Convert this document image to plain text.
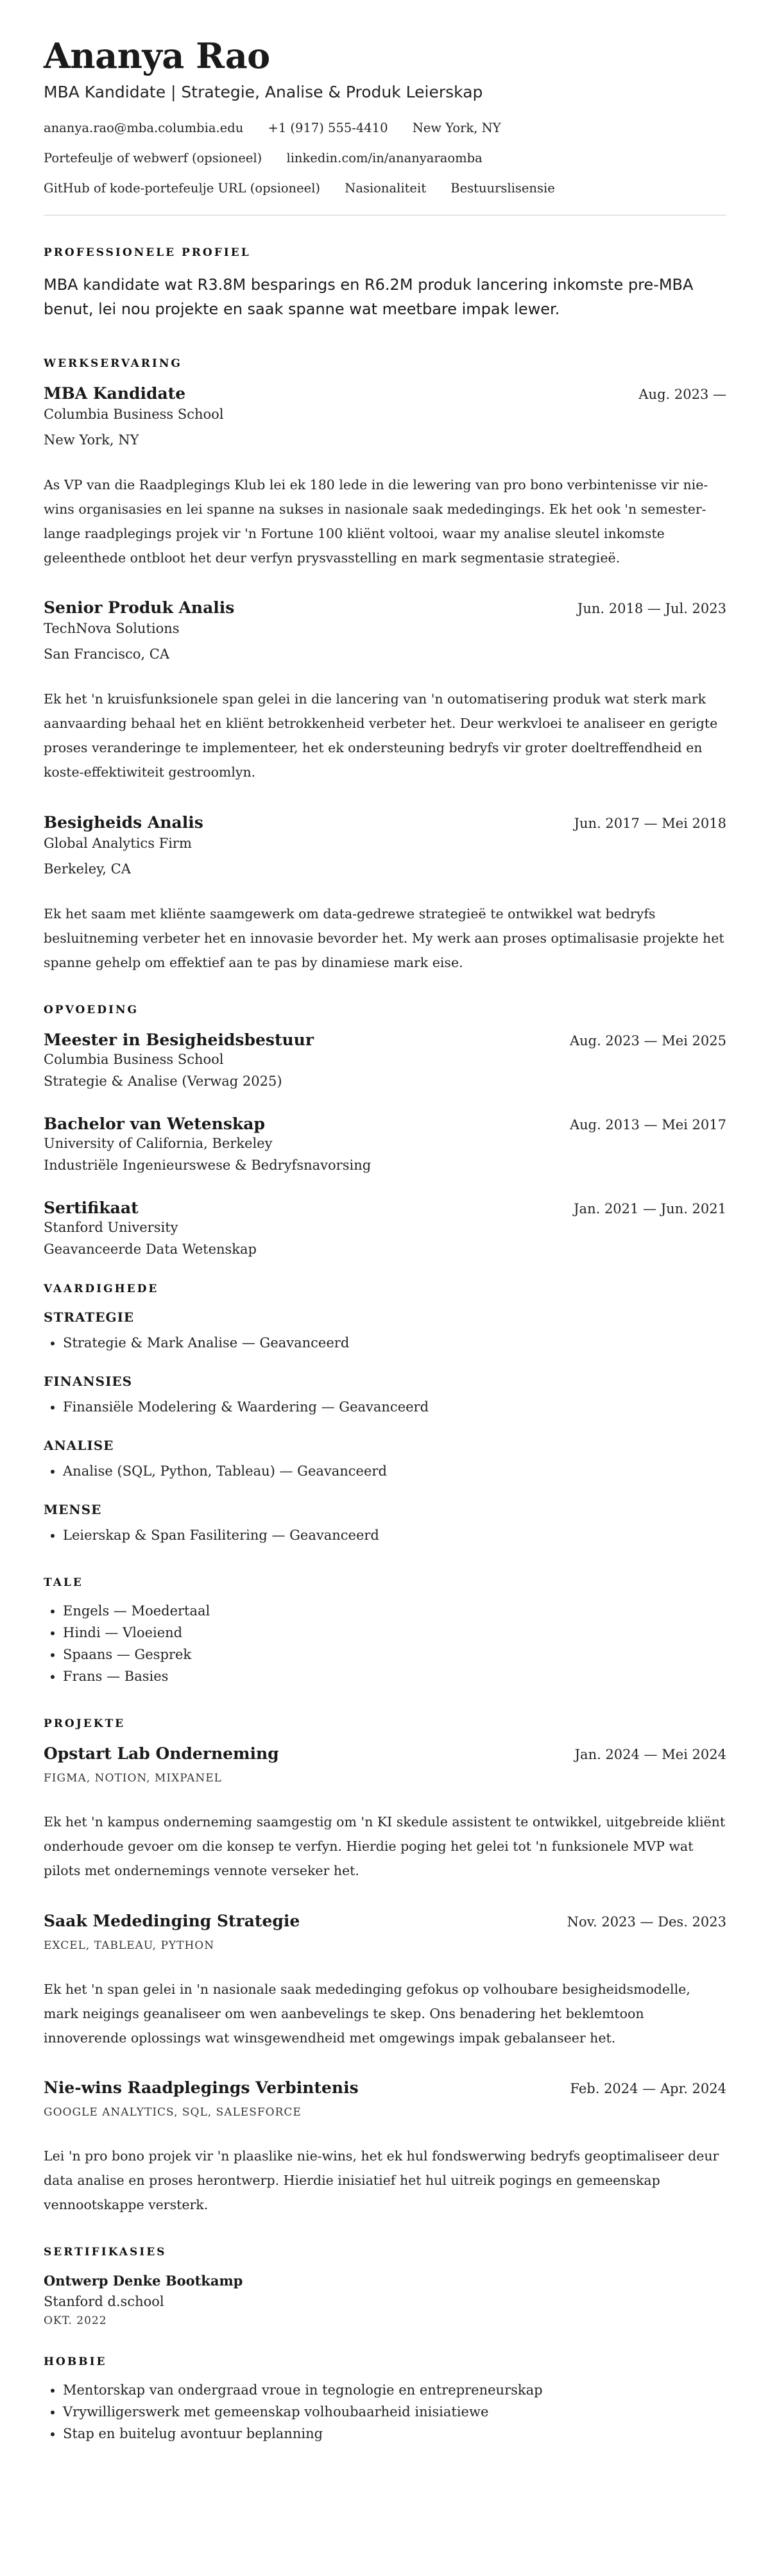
Ananya Rao
MBA Kandidate | Strategie, Analise & Produk Leierskap
ananya.rao@mba.columbia.edu +1 (917) 555-4410 New York, NY
Portefeulje of webwerf (opsioneel) linkedin.com/in/ananyaraomba
GitHub of kode-portefeulje URL (opsioneel) Nasionaliteit Bestuurslisensie
PROFESSIONELE PROFIEL
MBA kandidate wat R3.8M besparings en R6.2M produk lancering inkomste pre-MBA benut, lei nou projekte en saak spanne wat meetbare impak lewer.
WERKSERVARING
MBA Kandidate	Aug. 2023 —
Columbia Business School
New York, NY
As VP van die Raadplegings Klub lei ek 180 lede in die lewering van pro bono verbintenisse vir nie-wins organisasies en lei spanne na sukses in nasionale saak mededingings. Ek het ook 'n semester-lange raadplegings projek vir 'n Fortune 100 kliënt voltooi, waar my analise sleutel inkomste geleenthede ontbloot het deur verfyn prysvasstelling en mark segmentasie strategieë.
Senior Produk Analis	Jun. 2018 — Jul. 2023
TechNova Solutions
San Francisco, CA
Ek het 'n kruisfunksionele span gelei in die lancering van 'n outomatisering produk wat sterk mark aanvaarding behaal het en kliënt betrokkenheid verbeter het. Deur werkvloei te analiseer en gerigte proses veranderinge te implementeer, het ek ondersteuning bedryfs vir groter doeltreffendheid en koste-effektiwiteit gestroomlyn.
Besigheids Analis	Jun. 2017 — Mei 2018
Global Analytics Firm
Berkeley, CA
Ek het saam met kliënte saamgewerk om data-gedrewe strategieë te ontwikkel wat bedryfs besluitneming verbeter het en innovasie bevorder het. My werk aan proses optimalisasie projekte het spanne gehelp om effektief aan te pas by dinamiese mark eise.
OPVOEDING
Meester in Besigheidsbestuur	Aug. 2023 — Mei 2025
Columbia Business School
Strategie & Analise (Verwag 2025)
Bachelor van Wetenskap	Aug. 2013 — Mei 2017
University of California, Berkeley
Industriële Ingenieurswese & Bedryfsnavorsing
Sertifikaat	Jan. 2021 — Jun. 2021
Stanford University
Geavanceerde Data Wetenskap
VAARDIGHEDE
STRATEGIE
• Strategie & Mark Analise — Geavanceerd
FINANSIES
• Finansiële Modelering & Waardering — Geavanceerd
ANALISE
• Analise (SQL, Python, Tableau) — Geavanceerd
MENSE
• Leierskap & Span Fasilitering — Geavanceerd
TALE
• Engels — Moedertaal
• Hindi — Vloeiend
• Spaans — Gesprek
• Frans — Basies
PROJEKTE
Opstart Lab Onderneming	Jan. 2024 — Mei 2024
FIGMA, NOTION, MIXPANEL
Ek het 'n kampus onderneming saamgestig om 'n KI skedule assistent te ontwikkel, uitgebreide kliënt onderhoude gevoer om die konsep te verfyn. Hierdie poging het gelei tot 'n funksionele MVP wat pilots met ondernemings vennote verseker het.
Saak Mededinging Strategie	Nov. 2023 — Des. 2023
EXCEL, TABLEAU, PYTHON
Ek het 'n span gelei in 'n nasionale saak mededinging gefokus op volhoubare besigheidsmodelle, mark neigings geanaliseer om wen aanbevelings te skep. Ons benadering het beklemtoon innoverende oplossings wat winsgewendheid met omgewings impak gebalanseer het.
Nie-wins Raadplegings Verbintenis	Feb. 2024 — Apr. 2024
GOOGLE ANALYTICS, SQL, SALESFORCE
Lei 'n pro bono projek vir 'n plaaslike nie-wins, het ek hul fondswerwing bedryfs geoptimaliseer deur data analise en proses herontwerp. Hierdie inisiatief het hul uitreik pogings en gemeenskap vennootskappe versterk.
SERTIFIKASIES
Ontwerp Denke Bootkamp
Stanford d.school
OKT. 2022
HOBBIE
• Mentorskap van ondergraad vroue in tegnologie en entrepreneurskap
• Vrywilligerswerk met gemeenskap volhoubaarheid inisiatiewe
• Stap en buitelug avontuur beplanning
